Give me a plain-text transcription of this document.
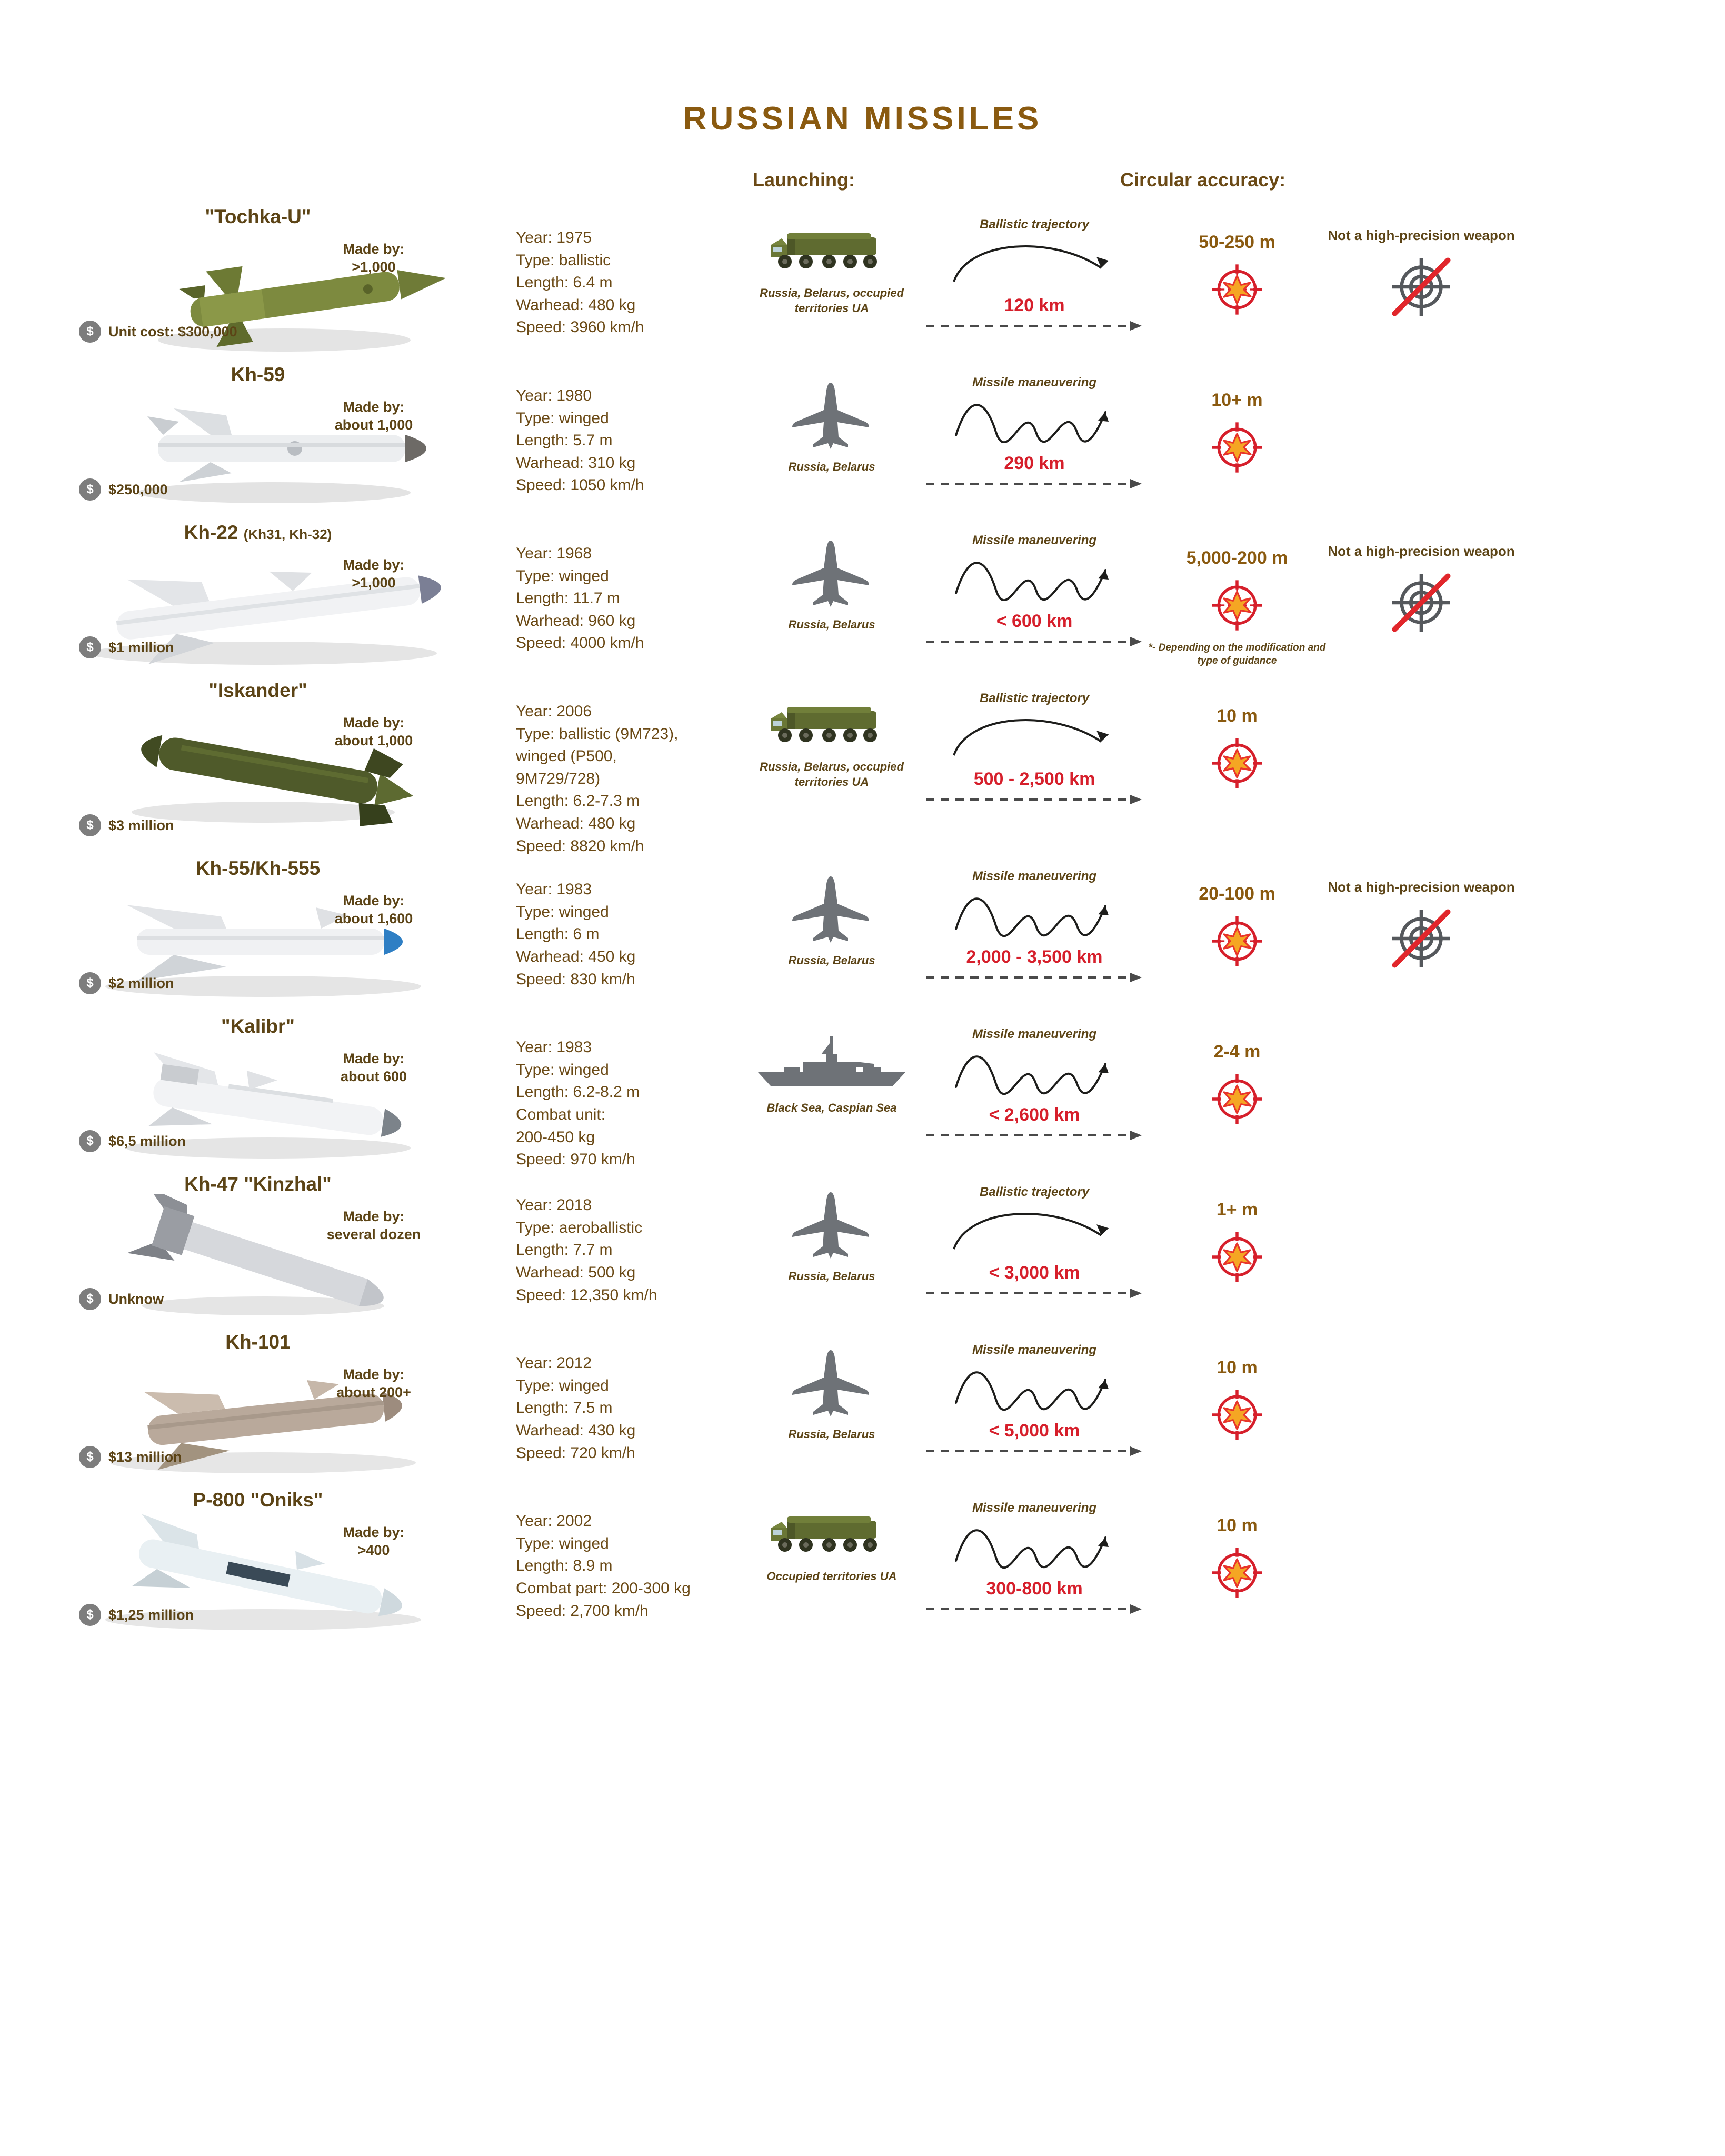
RUSSIAN MISSILES
Launching:	Circular accuracy:
"Tochka-U"
Made by:
>1,000
$	Unit cost: $300,000
Year: 1975
Type: ballistic
Length: 6.4 m
Warhead: 480 kg
Speed: 3960 km/h
Russia, Belarus, occupied territories UA
Ballistic trajectory
120 km
50-250 m	Not a high-precision weapon
Kh-59
Made by:
about 1,000
$	$250,000
Year: 1980
Type: winged
Length: 5.7 m
Warhead: 310 kg
Speed: 1050 km/h
Russia, Belarus
Missile maneuvering
290 km
10+ m
Kh-22 (Kh31, Kh-32)
Made by:
>1,000
$	$1 million
Year: 1968
Type: winged
Length: 11.7 m
Warhead: 960 kg
Speed: 4000 km/h
Russia, Belarus
Missile maneuvering
< 600 km
5,000-200 m
*- Depending on the modification and type of guidance
Not a high-precision weapon
"Iskander"
Made by:
about 1,000
$	$3 million
Year: 2006
Type: ballistic (9M723),
winged (P500,
9M729/728)
Length: 6.2-7.3 m
Warhead: 480 kg
Speed: 8820 km/h
Russia, Belarus, occupied territories UA
Ballistic trajectory
500 - 2,500 km
10 m
Kh-55/Kh-555
Made by:
about 1,600
$	$2 million
Year: 1983
Type: winged
Length: 6 m
Warhead: 450 kg
Speed: 830 km/h
Russia, Belarus
Missile maneuvering
2,000 - 3,500 km
20-100 m	Not a high-precision weapon
"Kalibr"
Made by:
about 600
$	$6,5 million
Year: 1983
Type: winged
Length: 6.2-8.2 m
Combat unit:
200-450 kg
Speed: 970 km/h
Black Sea, Caspian Sea
Missile maneuvering
< 2,600 km
2-4 m
Kh-47 "Kinzhal"
Made by:
several dozen
$	Unknow
Year: 2018
Type: aeroballistic
Length: 7.7 m
Warhead: 500 kg
Speed: 12,350 km/h
Russia, Belarus
Ballistic trajectory
< 3,000 km
1+ m
Kh-101
Made by:
about 200+
$	$13 million
Year: 2012
Type: winged
Length: 7.5 m
Warhead: 430 kg
Speed: 720 km/h
Russia, Belarus
Missile maneuvering
< 5,000 km
10 m
P-800 "Oniks"
Made by:
>400
$	$1,25 million
Year: 2002
Type: winged
Length: 8.9 m
Combat part: 200-300 kg
Speed: 2,700 km/h
Occupied territories UA
Missile maneuvering
300-800 km
10 m
